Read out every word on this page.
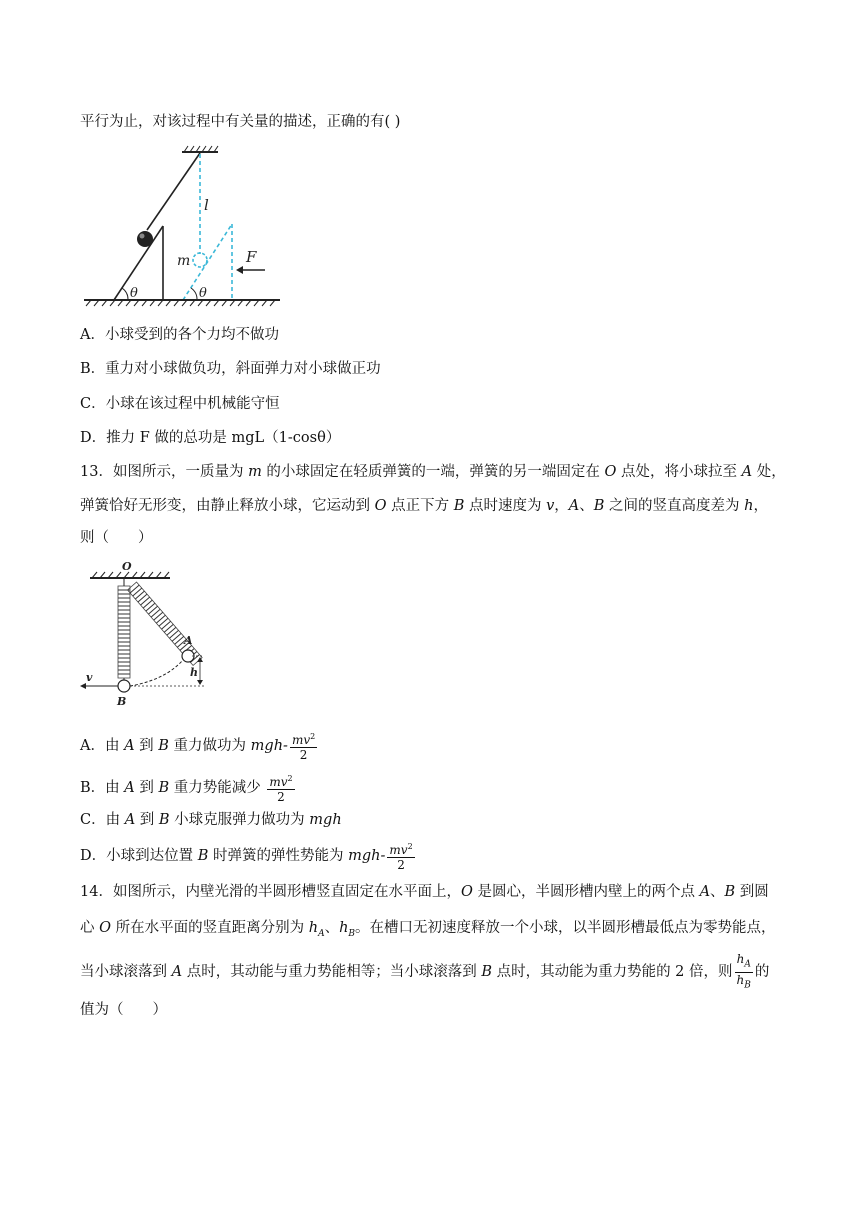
平行为止，对该过程中有关量的描述，正确的有( )
l
m	F
θ	θ
A．小球受到的各个力均不做功
B．重力对小球做负功，斜面弹力对小球做正功
C．小球在该过程中机械能守恒
D．推力 F 做的总功是 mgL（1-cosθ）
13．如图所示，一质量为 m 的小球固定在轻质弹簧的一端，弹簧的另一端固定在 O 点处，将小球拉至 A 处，
弹簧恰好无形变，由静止释放小球，它运动到 O 点正下方 B 点时速度为 v，A、B 之间的竖直高度差为 h，
则（　　）
O
A
B
h
v
A．由 A 到 B 重力做功为 $mgh- \frac{mv^2}{2}$
B．由 A 到 B 重力势能减少 $\frac{mv^2}{2}$
C．由 A 到 B 小球克服弹力做功为 mgh
D．小球到达位置 B 时弹簧的弹性势能为 $mgh- \frac{mv^2}{2}$
14．如图所示，内壁光滑的半圆形槽竖直固定在水平面上，O 是圆心，半圆形槽内壁上的两个点 A、B 到圆
心 O 所在水平面的竖直距离分别为 $h_A$、$h_B$。在槽口无初速度释放一个小球，以半圆形槽最低点为零势能点，
当小球滚落到 A 点时，其动能与重力势能相等；当小球滚落到 B 点时，其动能为重力势能的 2 倍，则 $\frac{h_A}{h_B}$ 的
值为（　　）
